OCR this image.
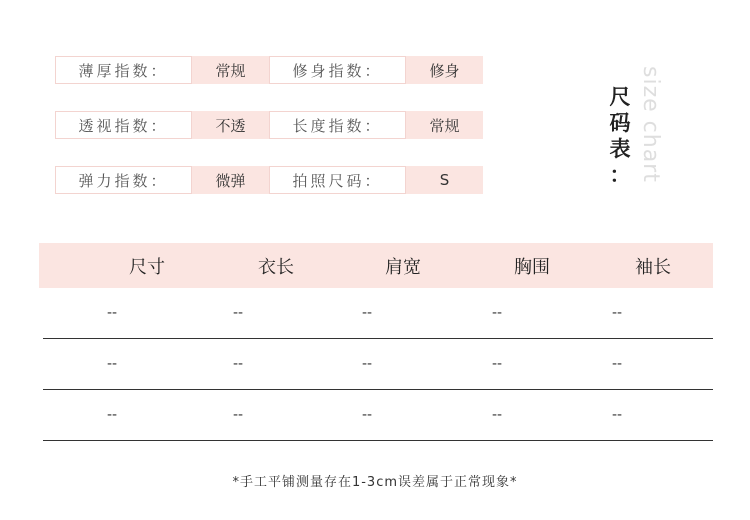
薄厚指数：	常规	修身指数：	修身
透视指数：	不透	长度指数：	常规
弹力指数：	微弹	拍照尺码：	S
尺
码
表
： size chart
尺寸	衣长	肩宽	胸围	袖长
--	--	--	--	--
--	--	--	--	--
--	--	--	--	--
*手工平铺测量存在1-3cm误差属于正常现象*
